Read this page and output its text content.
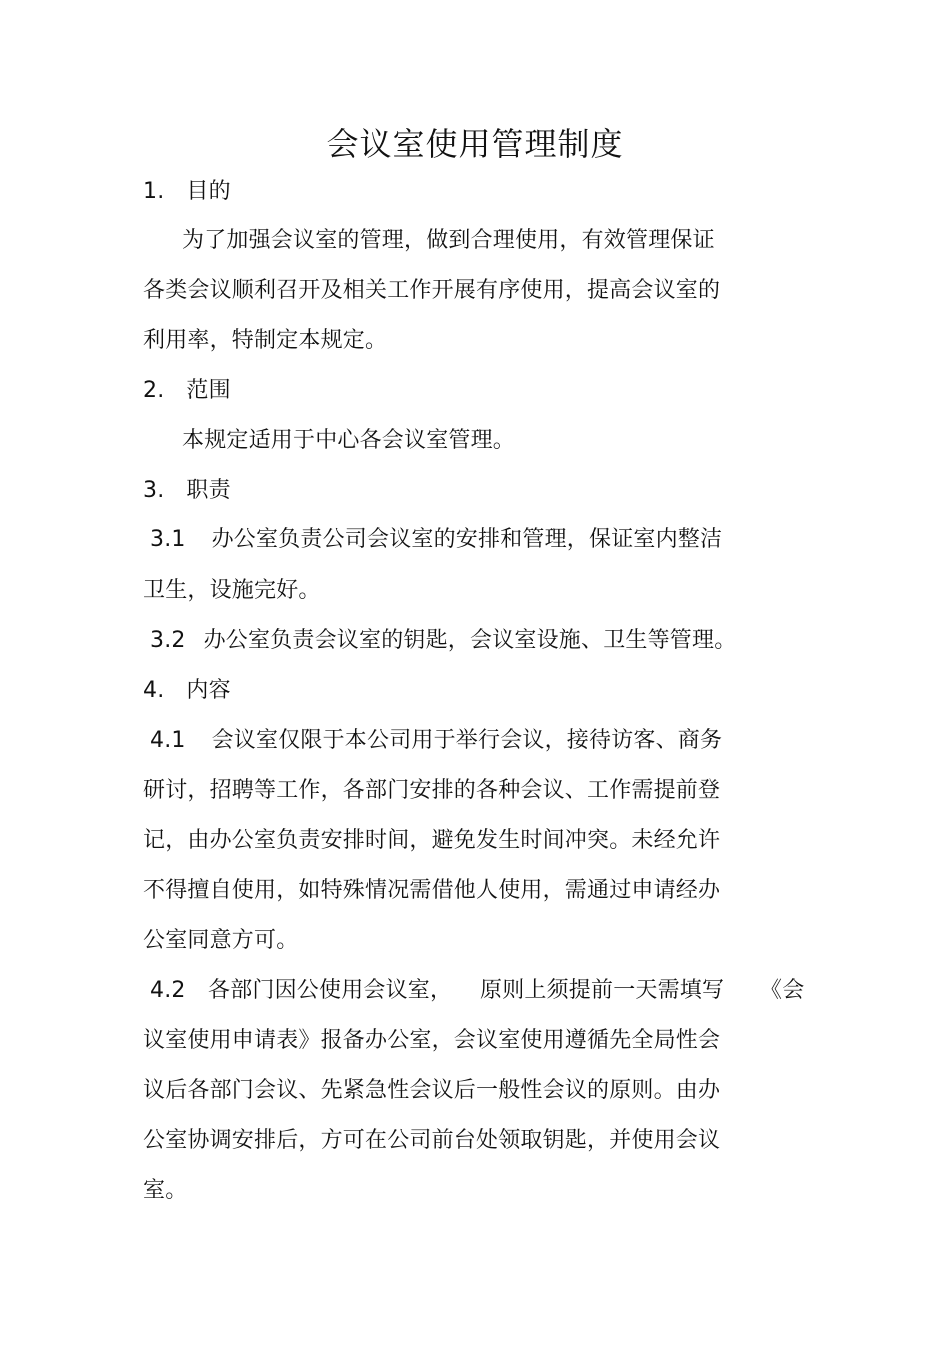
会议室使用管理制度
1. 目的
为了加强会议室的管理，做到合理使用，有效管理保证
各类会议顺利召开及相关工作开展有序使用，提高会议室的
利用率，特制定本规定。
2. 范围
本规定适用于中心各会议室管理。
3. 职责
3.1 办公室负责公司会议室的安排和管理，保证室内整洁
卫生，设施完好。
3.2 办公室负责会议室的钥匙，会议室设施、卫生等管理。
4. 内容
4.1 会议室仅限于本公司用于举行会议，接待访客、商务
研讨，招聘等工作，各部门安排的各种会议、工作需提前登
记，由办公室负责安排时间，避免发生时间冲突。未经允许
不得擅自使用，如特殊情况需借他人使用，需通过申请经办
公室同意方可。
4.2 各部门因公使用会议室， 原则上须提前一天需填写 《会
议室使用申请表》报备办公室，会议室使用遵循先全局性会
议后各部门会议、先紧急性会议后一般性会议的原则。由办
公室协调安排后，方可在公司前台处领取钥匙，并使用会议
室。
